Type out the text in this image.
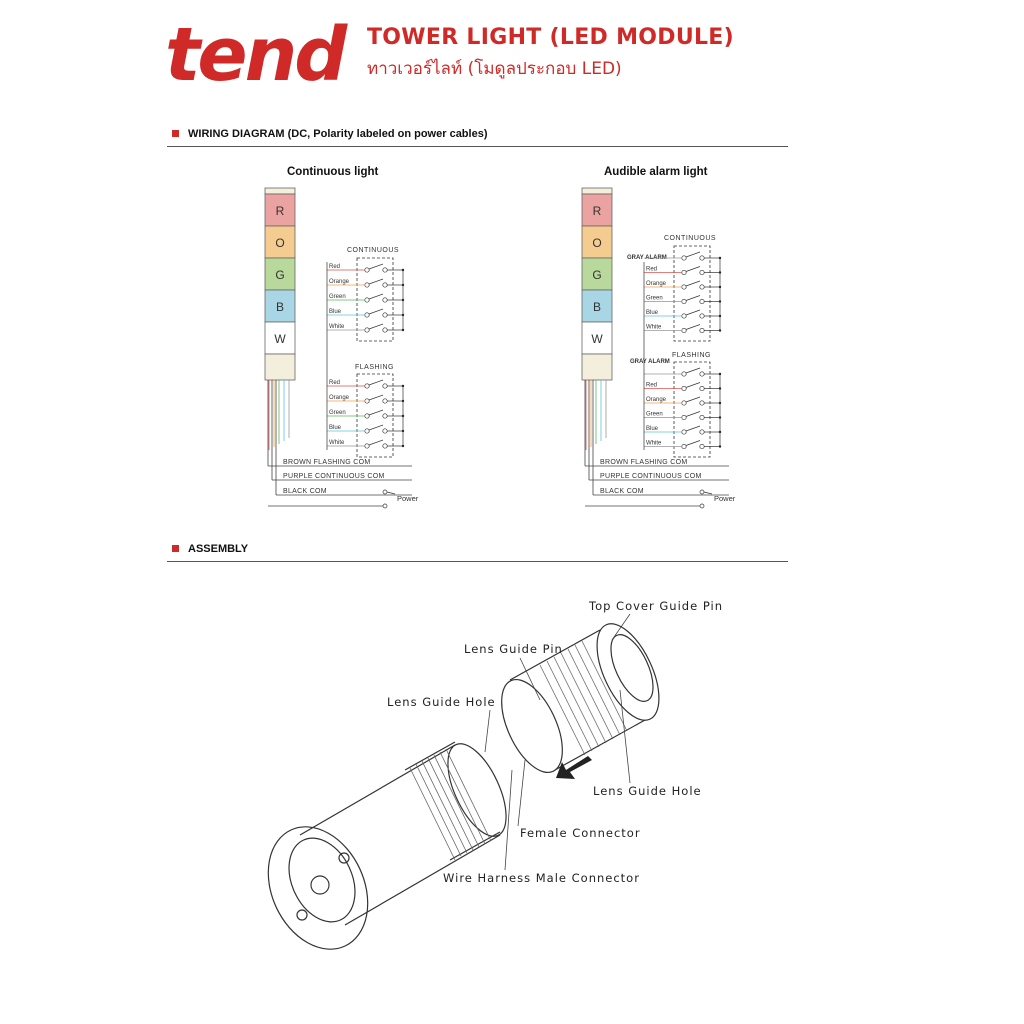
tend TOWER LIGHT (LED MODULE)
ทาวเวอร์ไลท์ (โมดูลประกอบ LED)
WIRING DIAGRAM (DC, Polarity labeled on power cables)
Continuous light	Audible alarm light
ASSEMBLY
R
O
G
B
W
CONTINUOUS
FLASHING
Red
Orange
Green
Blue
White
Red
Orange
Green
Blue
White
BROWN FLASHING COM
PURPLE CONTINUOUS COM
BLACK COM
Power
R
O
G
B
W
CONTINUOUS
FLASHING
GRAY ALARM
GRAY ALARM
Red
Orange
Green
Blue
White
Red
Orange
Green
Blue
White
BROWN FLASHING COM
PURPLE CONTINUOUS COM
BLACK COM
Power
Top Cover Guide Pin
Lens Guide Pin
Lens Guide Hole
Lens Guide Hole
Female Connector
Wire Harness Male Connector
